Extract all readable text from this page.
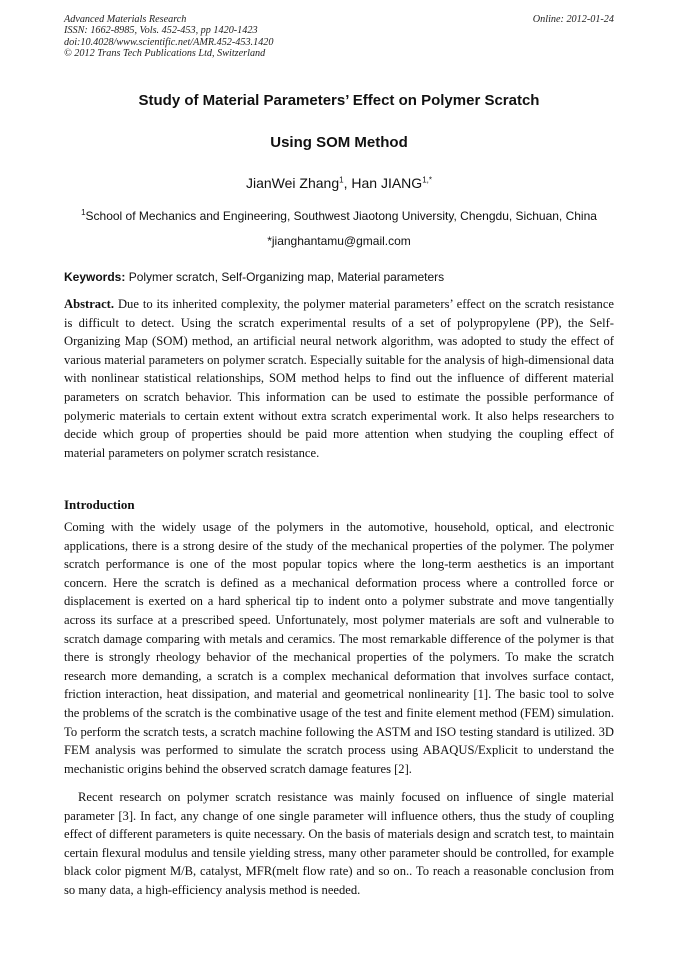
Advanced Materials Research
ISSN: 1662-8985, Vols. 452-453, pp 1420-1423
doi:10.4028/www.scientific.net/AMR.452-453.1420
© 2012 Trans Tech Publications Ltd, Switzerland
Online: 2012-01-24
Study of Material Parameters’ Effect on Polymer Scratch
Using SOM Method
JianWei Zhang$^1$, Han $JIANG^{1,*}$
$^1$School of Mechanics and Engineering, Southwest Jiaotong University, Chengdu, Sichuan, China
*jianghantamu@gmail.com
Keywords: Polymer scratch, Self-Organizing map, Material parameters
Abstract. Due to its inherited complexity, the polymer material parameters’ effect on the scratch resistance is difficult to detect. Using the scratch experimental results of a set of polypropylene (PP), the Self-Organizing Map (SOM) method, an artificial neural network algorithm, was adopted to study the effect of various material parameters on polymer scratch. Especially suitable for the analysis of high-dimensional data with nonlinear statistical relationships, SOM method helps to find out the influence of different material parameters on scratch behavior. This information can be used to estimate the possible performance of polymeric materials to certain extent without extra scratch experimental work. It also helps researchers to decide which group of properties should be paid more attention when studying the coupling effect of material parameters on polymer scratch resistance.
Introduction
Coming with the widely usage of the polymers in the automotive, household, optical, and electronic applications, there is a strong desire of the study of the mechanical properties of the polymer. The polymer scratch performance is one of the most popular topics where the long-term aesthetics is an important concern. Here the scratch is defined as a mechanical deformation process where a controlled force or displacement is exerted on a hard spherical tip to indent onto a polymer substrate and move tangentially across its surface at a prescribed speed. Unfortunately, most polymer materials are soft and vulnerable to scratch damage comparing with metals and ceramics. The most remarkable difference of the polymer is that there is strongly rheology behavior of the mechanical properties of the polymers. To make the scratch research more demanding, a scratch is a complex mechanical deformation that involves surface contact, friction interaction, heat dissipation, and material and geometrical nonlinearity [1]. The basic tool to solve the problems of the scratch is the combinative usage of the test and finite element method (FEM) simulation. To perform the scratch tests, a scratch machine following the ASTM and ISO testing standard is utilized. 3D FEM analysis was performed to simulate the scratch process using ABAQUS/Explicit to understand the mechanistic origins behind the observed scratch damage features [2].
Recent research on polymer scratch resistance was mainly focused on influence of single material parameter [3]. In fact, any change of one single parameter will influence others, thus the study of coupling effect of different parameters is quite necessary. On the basis of materials design and scratch test, to maintain certain flexural modulus and tensile yielding stress, many other parameter should be controlled, for example black color pigment M/B, catalyst, MFR(melt flow rate) and so on.. To reach a reasonable conclusion from so many data, a high-efficiency analysis method is needed.
